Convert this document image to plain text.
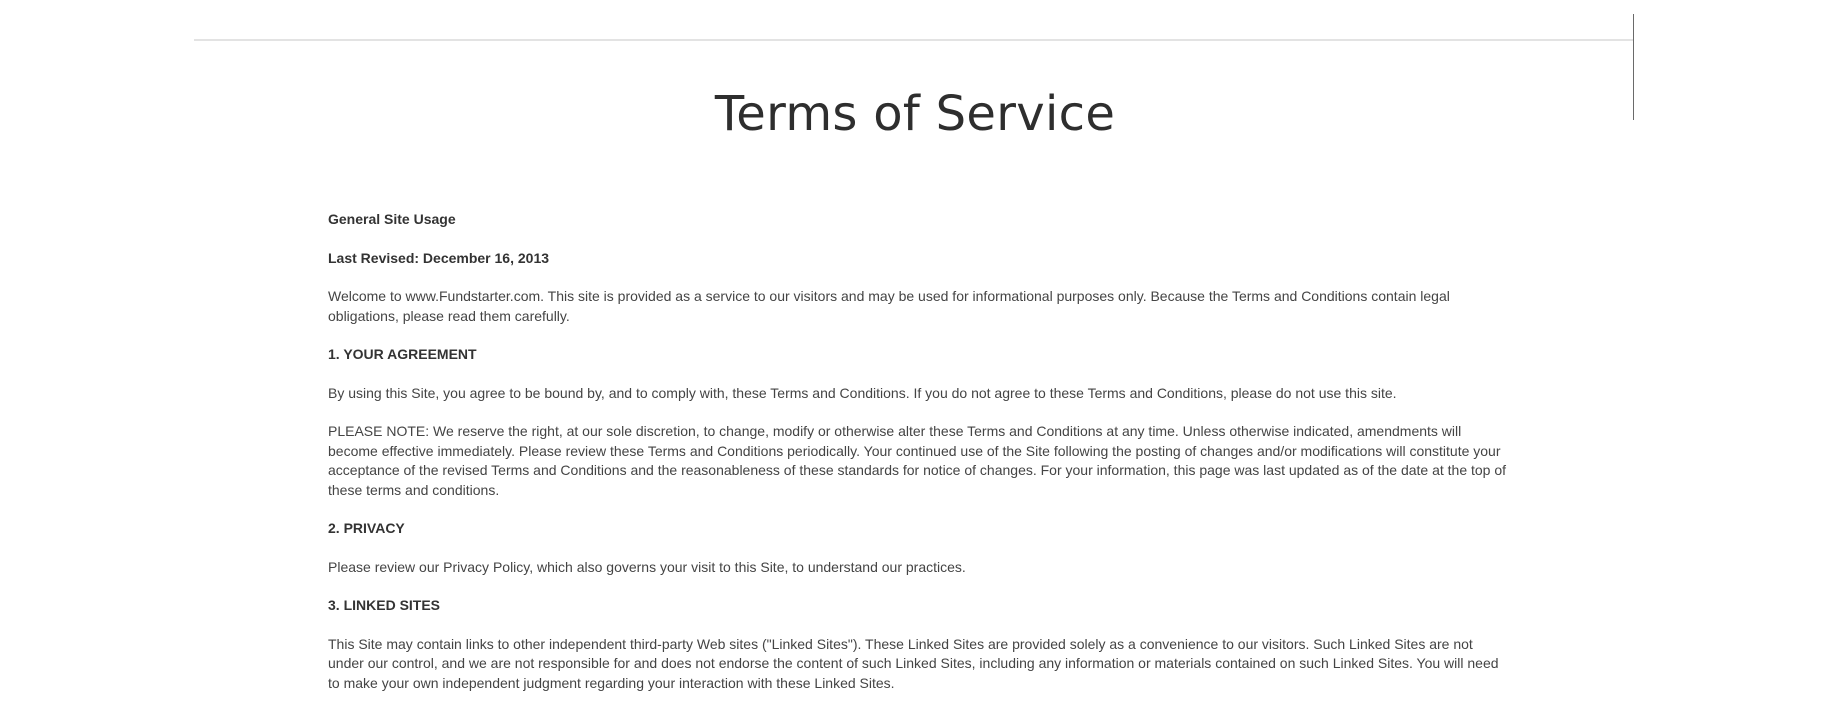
Terms of Service

General Site Usage

Last Revised: December 16, 2013

Welcome to www.Fundstarter.com. This site is provided as a service to our visitors and may be used for informational purposes only. Because the Terms and Conditions contain legal obligations, please read them carefully.

1. YOUR AGREEMENT

By using this Site, you agree to be bound by, and to comply with, these Terms and Conditions. If you do not agree to these Terms and Conditions, please do not use this site.

PLEASE NOTE: We reserve the right, at our sole discretion, to change, modify or otherwise alter these Terms and Conditions at any time. Unless otherwise indicated, amendments will become effective immediately. Please review these Terms and Conditions periodically. Your continued use of the Site following the posting of changes and/or modifications will constitute your acceptance of the revised Terms and Conditions and the reasonableness of these standards for notice of changes. For your information, this page was last updated as of the date at the top of these terms and conditions.

2. PRIVACY

Please review our Privacy Policy, which also governs your visit to this Site, to understand our practices.

3. LINKED SITES

This Site may contain links to other independent third-party Web sites ("Linked Sites"). These Linked Sites are provided solely as a convenience to our visitors. Such Linked Sites are not under our control, and we are not responsible for and does not endorse the content of such Linked Sites, including any information or materials contained on such Linked Sites. You will need to make your own independent judgment regarding your interaction with these Linked Sites.
